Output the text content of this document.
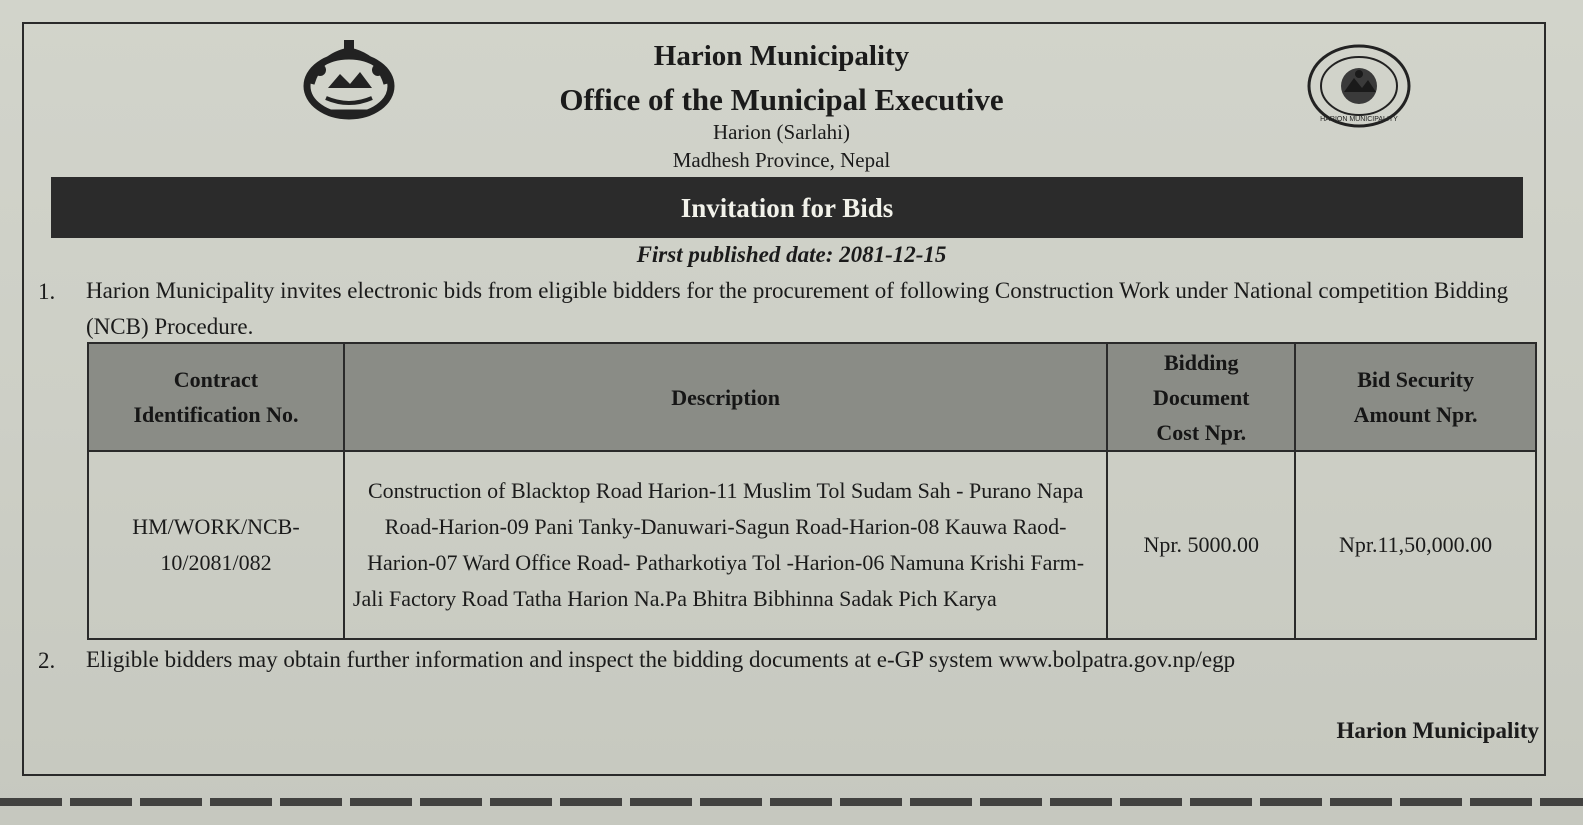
HARION MUNICIPALITY
Harion Municipality
Office of the Municipal Executive
Harion (Sarlahi)
Madhesh Province, Nepal
Invitation for Bids
First published date: 2081-12-15
1. Harion Municipality invites electronic bids from eligible bidders for the procurement of following Construction Work under National competition Bidding (NCB) Procedure.
Contract Identification No.	Description	Bidding Document Cost Npr.	Bid Security Amount Npr.
HM/WORK/NCB-10/2081/082	Construction of Blacktop Road Harion-11 Muslim Tol Sudam Sah - Purano Napa Road-Harion-09 Pani Tanky-Danuwari-Sagun Road-Harion-08 Kauwa Raod-Harion-07 Ward Office Road- Patharkotiya Tol -Harion-06 Namuna Krishi Farm-Jali Factory Road Tatha Harion Na.Pa Bhitra Bibhinna Sadak Pich Karya	Npr. 5000.00	Npr.11,50,000.00
2. Eligible bidders may obtain further information and inspect the bidding documents at e-GP system www.bolpatra.gov.np/egp
Harion Municipality
